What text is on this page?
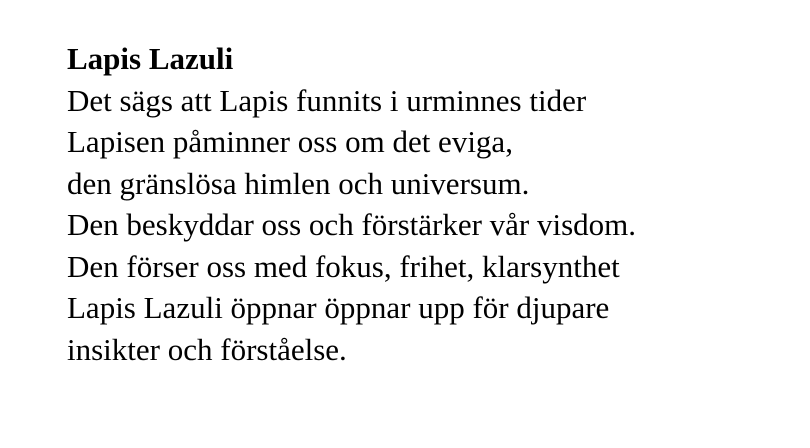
Lapis Lazuli
Det sägs att Lapis funnits i urminnes tider
Lapisen påminner oss om det eviga,
den gränslösa himlen och universum.
Den beskyddar oss och förstärker vår visdom.
Den förser oss med fokus, frihet, klarsynthet
Lapis Lazuli öppnar öppnar upp för djupare
insikter och förståelse.
